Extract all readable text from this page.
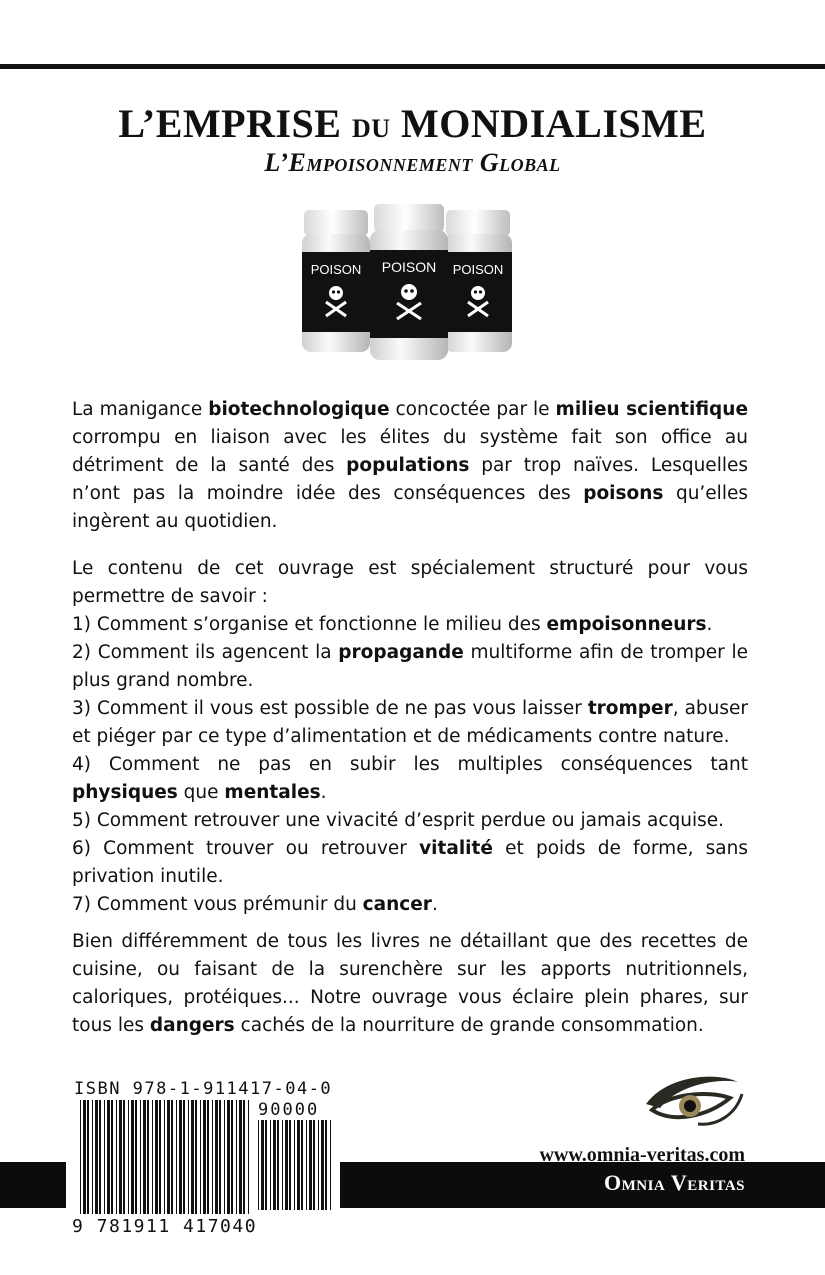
L’EMPRISE DU MONDIALISME
L’Empoisonnement Global
POISON POISON POISON

La manigance biotechnologique concoctée par le milieu scientifique corrompu en liaison avec les élites du système fait son office au détriment de la santé des populations par trop naïves. Lesquelles n’ont pas la moindre idée des conséquences des poisons qu’elles ingèrent au quotidien.

Le contenu de cet ouvrage est spécialement structuré pour vous permettre de savoir :

1) Comment s’organise et fonctionne le milieu des empoisonneurs.

2) Comment ils agencent la propagande multiforme afin de tromper le plus grand nombre.

3) Comment il vous est possible de ne pas vous laisser tromper, abuser et piéger par ce type d’alimentation et de médicaments contre nature.

4) Comment ne pas en subir les multiples conséquences tant physiques que mentales.

5) Comment retrouver une vivacité d’esprit perdue ou jamais acquise.

6) Comment trouver ou retrouver vitalité et poids de forme, sans privation inutile.

7) Comment vous prémunir du cancer.

Bien différemment de tous les livres ne détaillant que des recettes de cuisine, ou faisant de la surenchère sur les apports nutritionnels, caloriques, protéiques... Notre ouvrage vous éclaire plein phares, sur tous les dangers cachés de la nourriture de grande consommation.

ISBN 978-1-911417-04-0
90000
9 781911 417040
www.omnia-veritas.com
Omnia Veritas
